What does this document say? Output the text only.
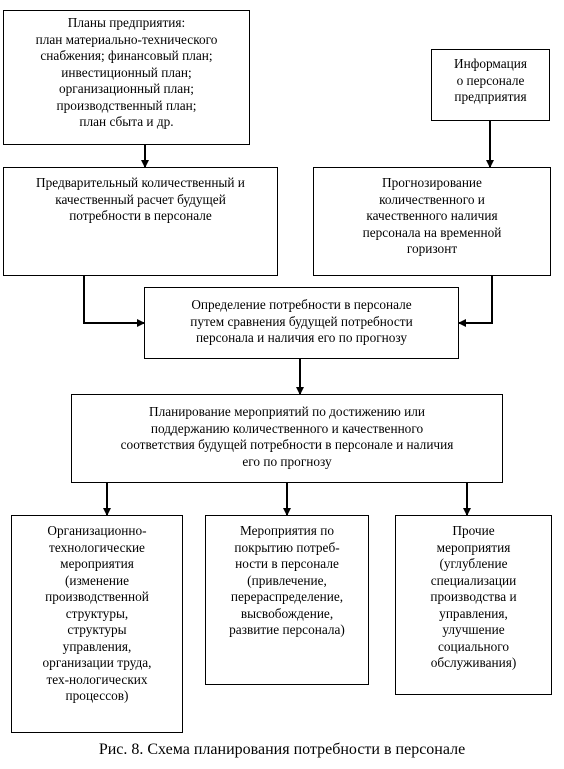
Планы предприятия:
план материально-технического
снабжения; финансовый план;
инвестиционный план;
организационный план;
производственный план;
план сбыта и др.
Информация
о персонале
предприятия
Предварительный количественный и
качественный расчет будущей
потребности в персонале
Прогнозирование
количественного и
качественного наличия
персонала на временной
горизонт
Определение потребности в персонале
путем сравнения будущей потребности
персонала и наличия его по прогнозу
Планирование мероприятий по достижению или
поддержанию количественного и качественного
соответствия будущей потребности в персонале и наличия
его по прогнозу
Организационно-
технологические
мероприятия
(изменение
производственной
структуры,
структуры
управления,
организации труда,
тех-нологических
процессов)
Мероприятия по
покрытию потреб-
ности в персонале
(привлечение,
перераспределение,
высвобождение,
развитие персонала)
Прочие
мероприятия
(углубление
специализации
производства и
управления,
улучшение
социального
обслуживания)
Рис. 8. Схема планирования потребности в персонале
